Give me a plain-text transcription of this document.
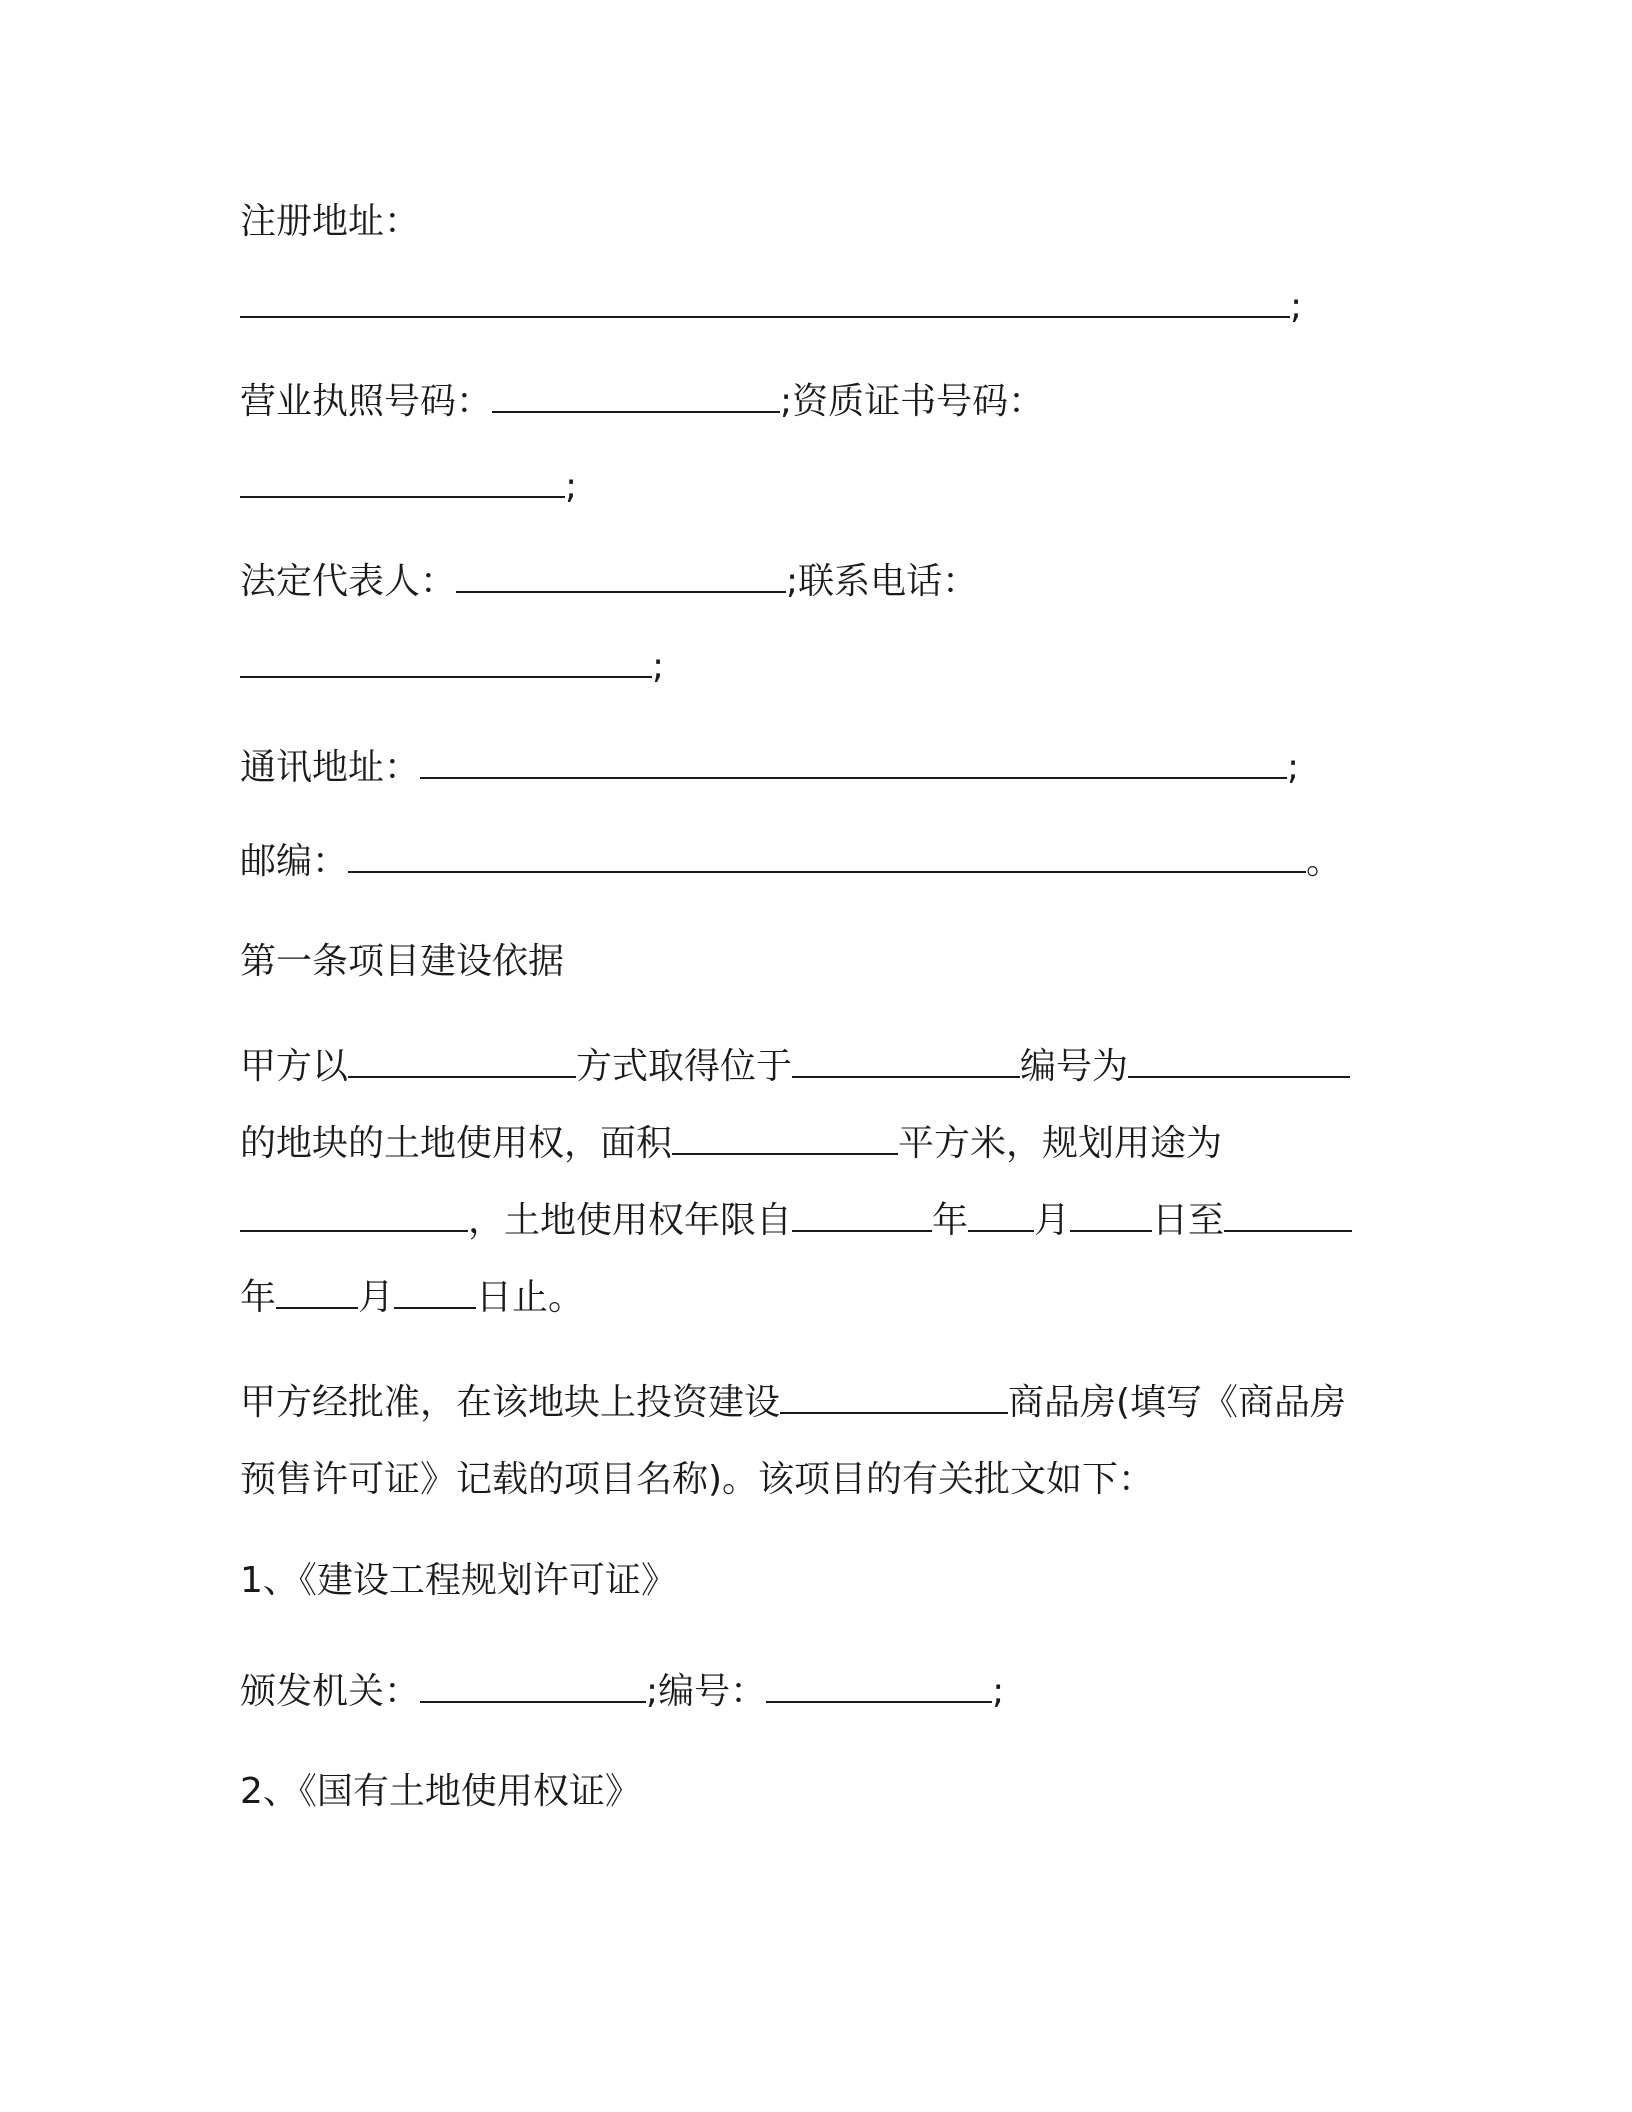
注册地址：
;
营业执照号码：	;资质证书号码：
;
法定代表人：	;联系电话：
;
通讯地址：	;
邮编：	。
第一条项目建设依据
甲方以	方式取得位于	编号为
的地块的土地使用权，面积	平方米，规划用途为
，土地使用权年限自	年 月 日至
年 月 日止。
甲方经批准，在该地块上投资建设	商品房(填写《商品房
预售许可证》记载的项目名称)。该项目的有关批文如下：
1、《建设工程规划许可证》
颁发机关：	;编号：	;
2、《国有土地使用权证》
